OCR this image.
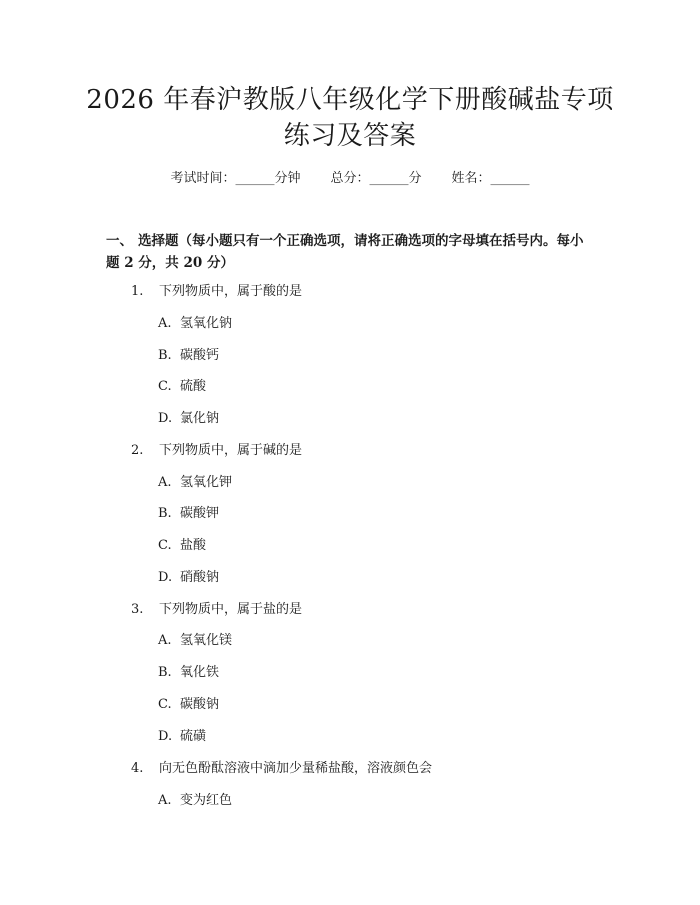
2026 年春沪教版八年级化学下册酸碱盐专项
练习及答案
考试时间：______分钟 总分：______分 姓名：______
一、 选择题（每小题只有一个正确选项，请将正确选项的字母填在括号内。每小
题 2 分，共 20 分）
1. 下列物质中，属于酸的是
A. 氢氧化钠
B. 碳酸钙
C. 硫酸
D. 氯化钠
2. 下列物质中，属于碱的是
A. 氢氧化钾
B. 碳酸钾
C. 盐酸
D. 硝酸钠
3. 下列物质中，属于盐的是
A. 氢氧化镁
B. 氧化铁
C. 碳酸钠
D. 硫磺
4. 向无色酚酞溶液中滴加少量稀盐酸，溶液颜色会
A. 变为红色
